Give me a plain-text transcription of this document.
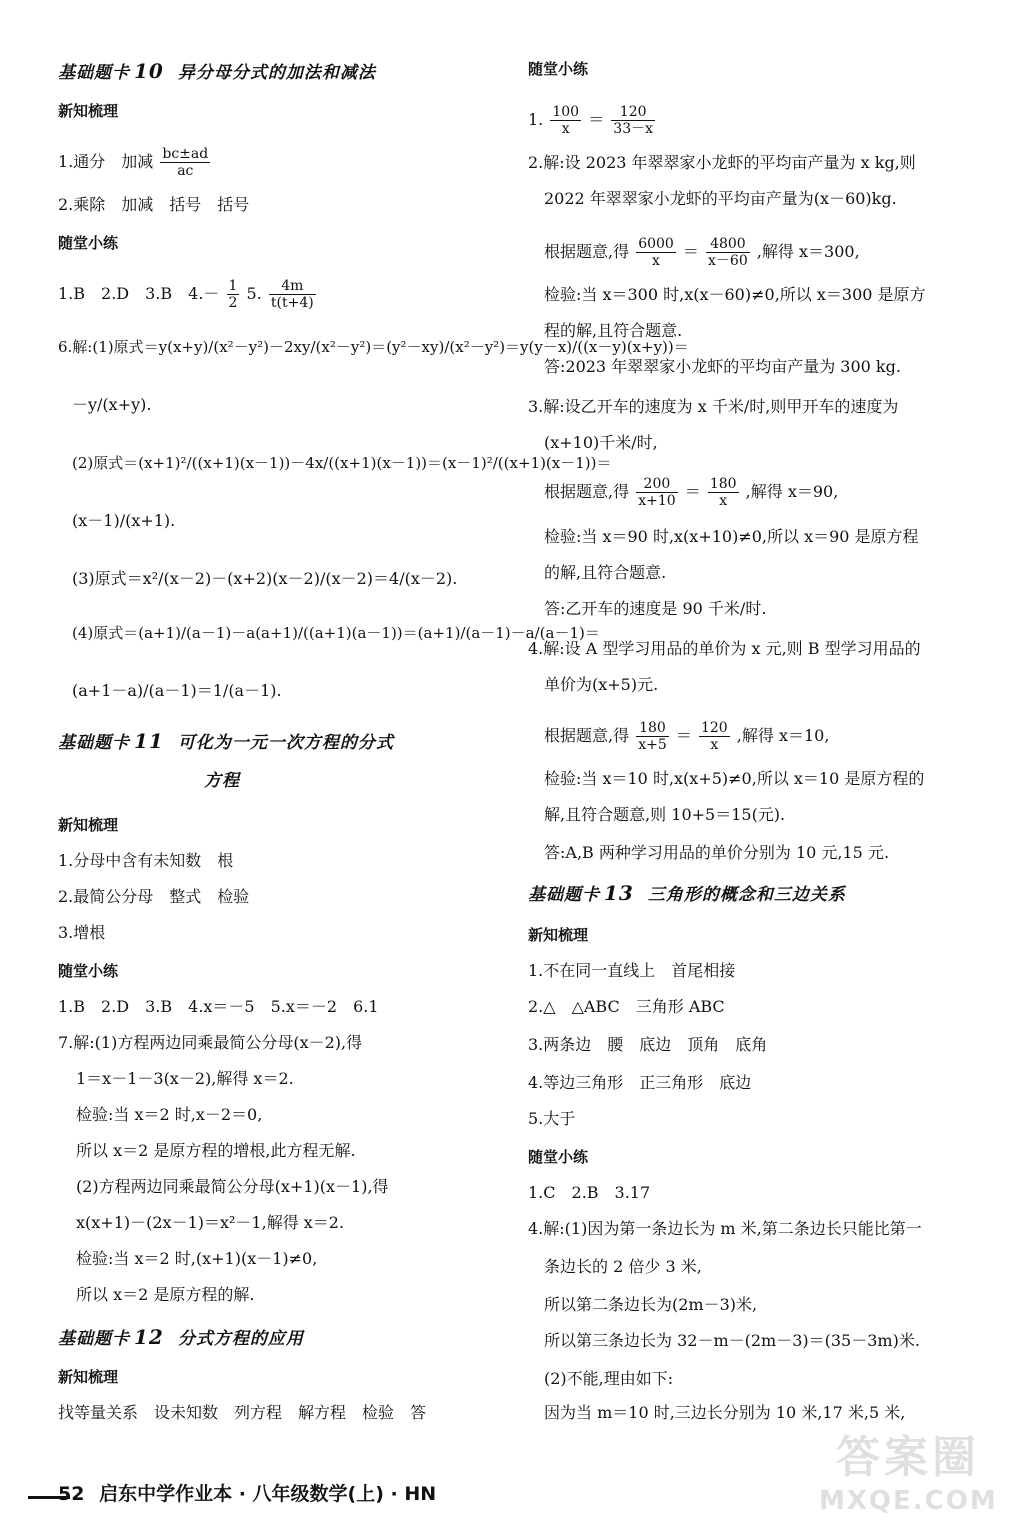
基础题卡 10 异分母分式的加法和减法
新知梳理
1.通分　加减 $\frac{bc\pm ad}{ac}$
2.乘除　加减　括号　括号
随堂小练
1.B　2.D　3.B　$4.- \frac{1}{2} 5$. $\frac{4m}{t(t+4)}$
6.解:(1)原式＝y(x+y)/(x²－y²)－2xy/(x²－y²)＝(y²－xy)/(x²－y²)＝y(y－x)/((x－y)(x+y))＝
－y/(x+y).
(2)原式＝(x+1)²/((x+1)(x－1))－4x/((x+1)(x－1))＝(x－1)²/((x+1)(x－1))＝
(x－1)/(x+1).
(3)原式＝x²/(x－2)－(x+2)(x－2)/(x－2)＝4/(x－2).
(4)原式＝(a+1)/(a－1)－a(a+1)/((a+1)(a－1))＝(a+1)/(a－1)－a/(a－1)＝
(a+1－a)/(a－1)＝1/(a－1).
基础题卡 11 可化为一元一次方程的分式
方程
新知梳理
1.分母中含有未知数　根
2.最简公分母　整式　检验
3.增根
随堂小练
1.B　2.D　3.B　4.x＝－5　5.x＝－2　6.1
7.解:(1)方程两边同乘最简公分母(x－2),得
1＝x－1－3(x－2),解得 x＝2.
检验:当 x＝2 时,x－2＝0,
所以 x＝2 是原方程的增根,此方程无解.
(2)方程两边同乘最简公分母(x+1)(x－1),得
x(x+1)－(2x－1)＝x²－1,解得 x＝2.
检验:当 x＝2 时,(x+1)(x－1)≠0,
所以 x＝2 是原方程的解.
基础题卡 12 分式方程的应用
新知梳理
找等量关系　设未知数　列方程　解方程　检验　答
随堂小练
1. $\frac{100}{x} = \frac{120}{33-x}$
2.解:设 2023 年翠翠家小龙虾的平均亩产量为 x kg,则
2022 年翠翠家小龙虾的平均亩产量为(x－60)kg.
根据题意,得 $\frac{6000}{x} = \frac{4800}{x-60}$ ,解得 x＝300,
检验:当 x＝300 时,x(x－60)≠0,所以 x＝300 是原方
程的解,且符合题意.
答:2023 年翠翠家小龙虾的平均亩产量为 300 kg.
3.解:设乙开车的速度为 x 千米/时,则甲开车的速度为
(x+10)千米/时,
根据题意,得 $\frac{200}{x+10} = \frac{180}{x}$ ,解得 x＝90,
检验:当 x＝90 时,x(x+10)≠0,所以 x＝90 是原方程
的解,且符合题意.
答:乙开车的速度是 90 千米/时.
4.解:设 A 型学习用品的单价为 x 元,则 B 型学习用品的
单价为(x+5)元.
根据题意,得 $\frac{180}{x+5} = \frac{120}{x}$ ,解得 x＝10,
检验:当 x＝10 时,x(x+5)≠0,所以 x＝10 是原方程的
解,且符合题意,则 10+5＝15(元).
答:A,B 两种学习用品的单价分别为 10 元,15 元.
基础题卡 13 三角形的概念和三边关系
新知梳理
1.不在同一直线上　首尾相接
2.△　△ABC　三角形 ABC
3.两条边　腰　底边　顶角　底角
4.等边三角形　正三角形　底边
5.大于
随堂小练
1.C　2.B　3.17
4.解:(1)因为第一条边长为 m 米,第二条边长只能比第一
条边长的 2 倍少 3 米,
所以第二条边长为(2m－3)米,
所以第三条边长为 32－m－(2m－3)＝(35－3m)米.
(2)不能,理由如下:
因为当 m＝10 时,三边长分别为 10 米,17 米,5 米,
52 启东中学作业本 · 八年级数学(上) · HN
答案圈
MXQE.COM
